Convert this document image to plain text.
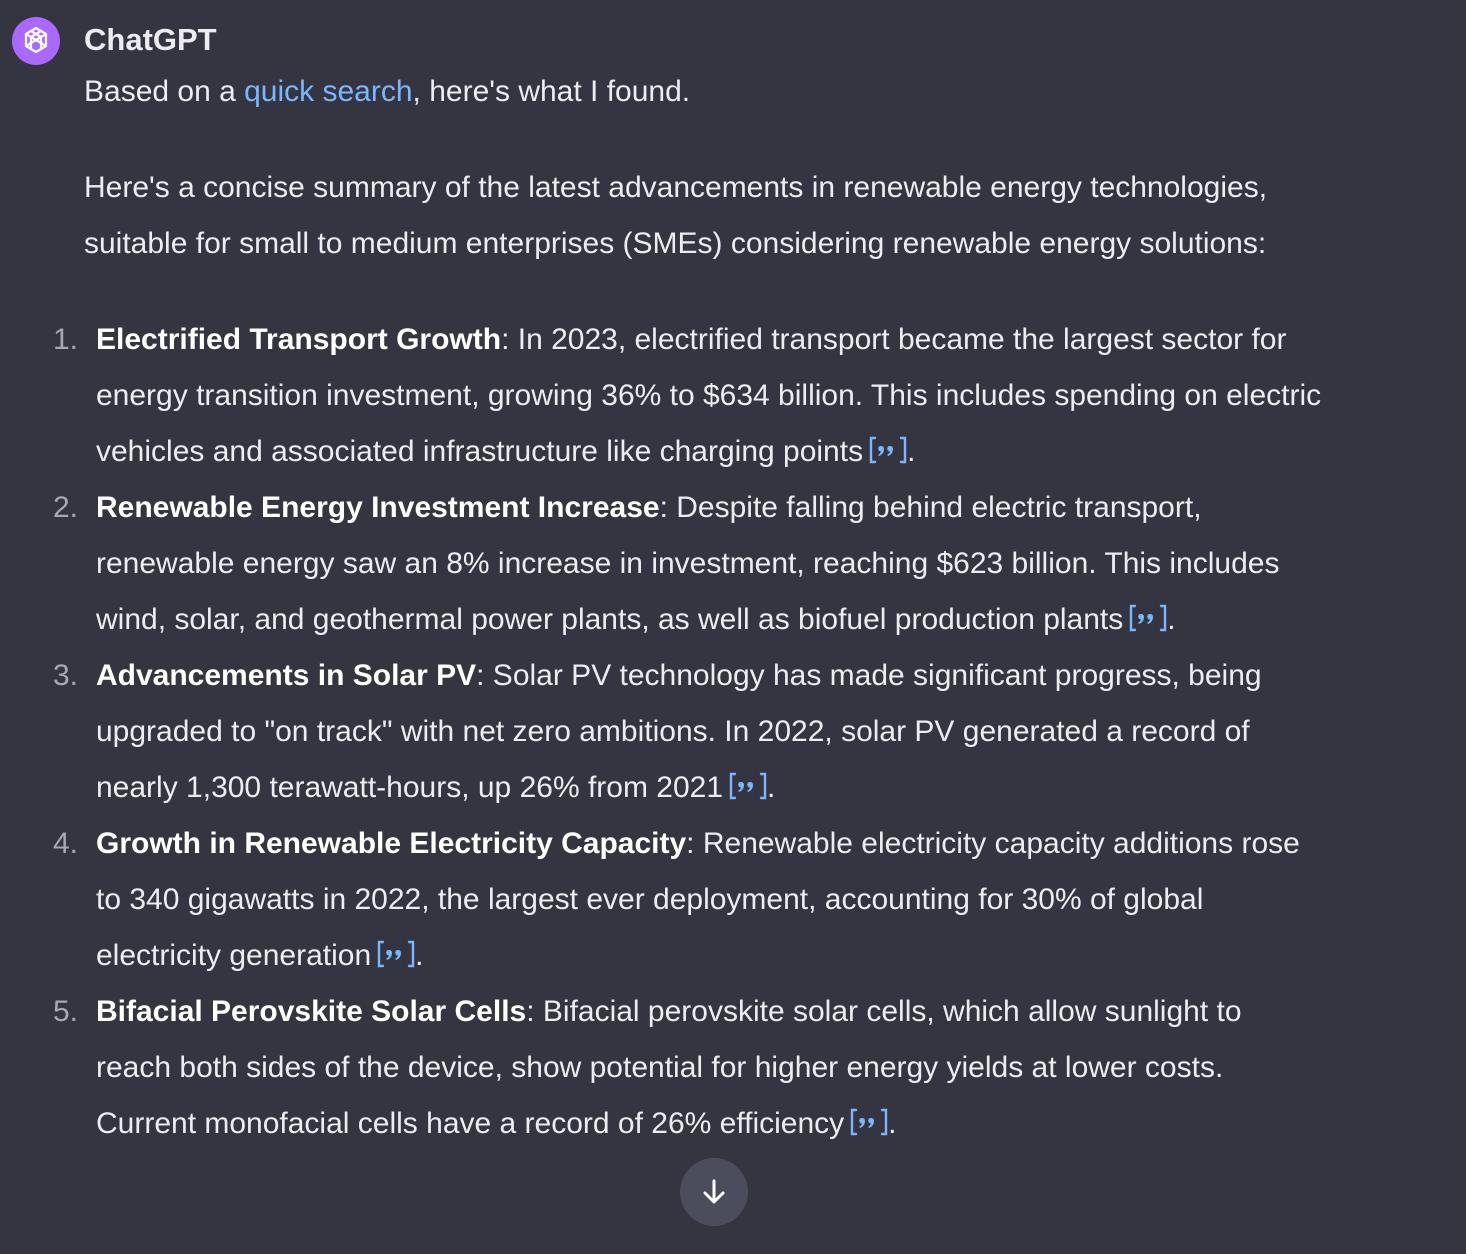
ChatGPT

Based on a quick search, here's what I found.

Here's a concise summary of the latest advancements in renewable energy technologies, suitable for small to medium enterprises (SMEs) considering renewable energy solutions:

1. Electrified Transport Growth: In 2023, electrified transport became the largest sector for energy transition investment, growing 36% to $634 billion. This includes spending on electric vehicles and associated infrastructure like charging points .
2. Renewable Energy Investment Increase: Despite falling behind electric transport, renewable energy saw an 8% increase in investment, reaching $623 billion. This includes wind, solar, and geothermal power plants, as well as biofuel production plants .
3. Advancements in Solar PV: Solar PV technology has made significant progress, being upgraded to "on track" with net zero ambitions. In 2022, solar PV generated a record of nearly 1,300 terawatt-hours, up 26% from 2021 .
4. Growth in Renewable Electricity Capacity: Renewable electricity capacity additions rose to 340 gigawatts in 2022, the largest ever deployment, accounting for 30% of global electricity generation .
5. Bifacial Perovskite Solar Cells: Bifacial perovskite solar cells, which allow sunlight to reach both sides of the device, show potential for higher energy yields at lower costs. Current monofacial cells have a record of 26% efficiency .
